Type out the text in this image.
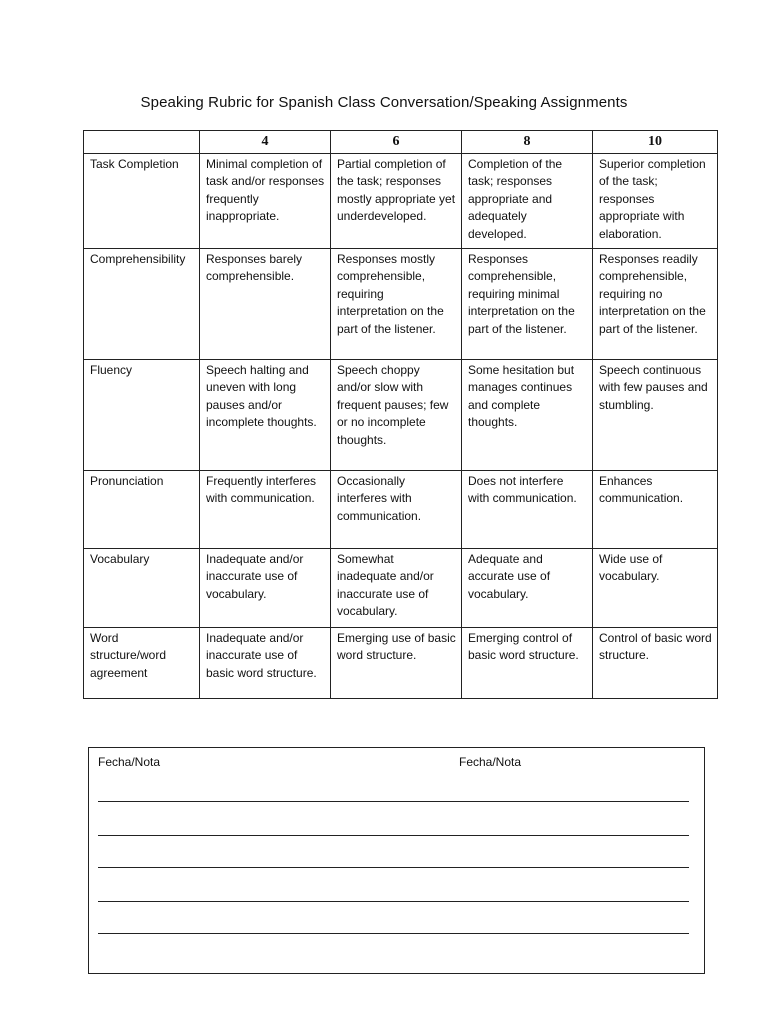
Speaking Rubric for Spanish Class Conversation/Speaking Assignments
	4	6	8	10
Task Completion	Minimal completion of task and/or responses frequently inappropriate.	Partial completion of the task; responses mostly appropriate yet underdeveloped.	Completion of the task; responses appropriate and adequately developed.	Superior completion of the task; responses appropriate with elaboration.
Comprehensibility	Responses barely comprehensible.	Responses mostly comprehensible, requiring interpretation on the part of the listener.	Responses comprehensible, requiring minimal interpretation on the part of the listener.	Responses readily comprehensible, requiring no interpretation on the part of the listener.
Fluency	Speech halting and uneven with long pauses and/or incomplete thoughts.	Speech choppy and/or slow with frequent pauses; few or no incomplete thoughts.	Some hesitation but manages continues and complete thoughts.	Speech continuous with few pauses and stumbling.
Pronunciation	Frequently interferes with communication.	Occasionally interferes with communication.	Does not interfere with communication.	Enhances communication.
Vocabulary	Inadequate and/or inaccurate use of vocabulary.	Somewhat inadequate and/or inaccurate use of vocabulary.	Adequate and accurate use of vocabulary.	Wide use of vocabulary.
Word structure/word agreement	Inadequate and/or inaccurate use of basic word structure.	Emerging use of basic word structure.	Emerging control of basic word structure.	Control of basic word structure.
Fecha/Nota	Fecha/Nota
